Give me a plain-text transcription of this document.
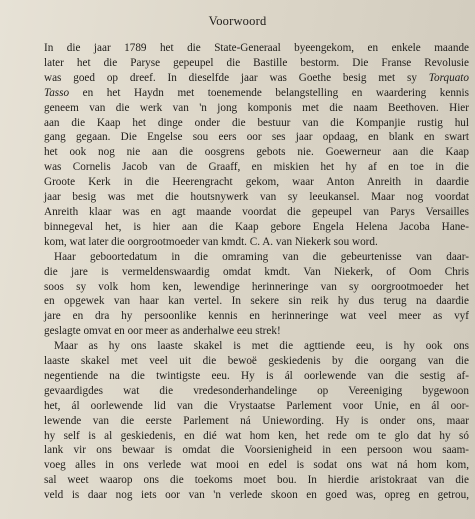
Voorwoord
In die jaar 1789 het die State-Generaal byeengekom, en enkele maande
later het die Paryse gepeupel die Bastille bestorm. Die Franse Revolusie
was goed op dreef. In dieselfde jaar was Goethe besig met sy Torquato
Tasso en het Haydn met toenemende belangstelling en waardering kennis
geneem van die werk van 'n jong komponis met die naam Beethoven. Hier
aan die Kaap het dinge onder die bestuur van die Kompanjie rustig hul
gang gegaan. Die Engelse sou eers oor ses jaar opdaag, en blank en swart
het ook nog nie aan die oosgrens gebots nie. Goewerneur aan die Kaap
was Cornelis Jacob van de Graaff, en miskien het hy af en toe in die
Groote Kerk in die Heerengracht gekom, waar Anton Anreith in daardie
jaar besig was met die houtsnywerk van sy leeukansel. Maar nog voordat
Anreith klaar was en agt maande voordat die gepeupel van Parys Versailles
binnegeval het, is hier aan die Kaap gebore Engela Helena Jacoba Hane-
kom, wat later die oorgrootmoeder van kmdt. C. A. van Niekerk sou word.
Haar geboortedatum in die omraming van die gebeurtenisse van daar-
die jare is vermeldenswaardig omdat kmdt. Van Niekerk, of Oom Chris
soos sy volk hom ken, lewendige herinneringe van sy oorgrootmoeder het
en opgewek van haar kan vertel. In sekere sin reik hy dus terug na daardie
jare en dra hy persoonlike kennis en herinneringe wat veel meer as vyf
geslagte omvat en oor meer as anderhalwe eeu strek!
Maar as hy ons laaste skakel is met die agttiende eeu, is hy ook ons
laaste skakel met veel uit die bewoë geskiedenis by die oorgang van die
negentiende na die twintigste eeu. Hy is ál oorlewende van die sestig af-
gevaardigdes wat die vredesonderhandelinge op Vereeniging bygewoon
het, ál oorlewende lid van die Vrystaatse Parlement voor Unie, en ál oor-
lewende van die eerste Parlement ná Uniewording. Hy is onder ons, maar
hy self is al geskiedenis, en dié wat hom ken, het rede om te glo dat hy só
lank vir ons bewaar is omdat die Voorsienigheid in een persoon wou saam-
voeg alles in ons verlede wat mooi en edel is sodat ons wat ná hom kom,
sal weet waarop ons die toekoms moet bou. In hierdie aristokraat van die
veld is daar nog iets oor van 'n verlede skoon en goed was, opreg en getrou,
